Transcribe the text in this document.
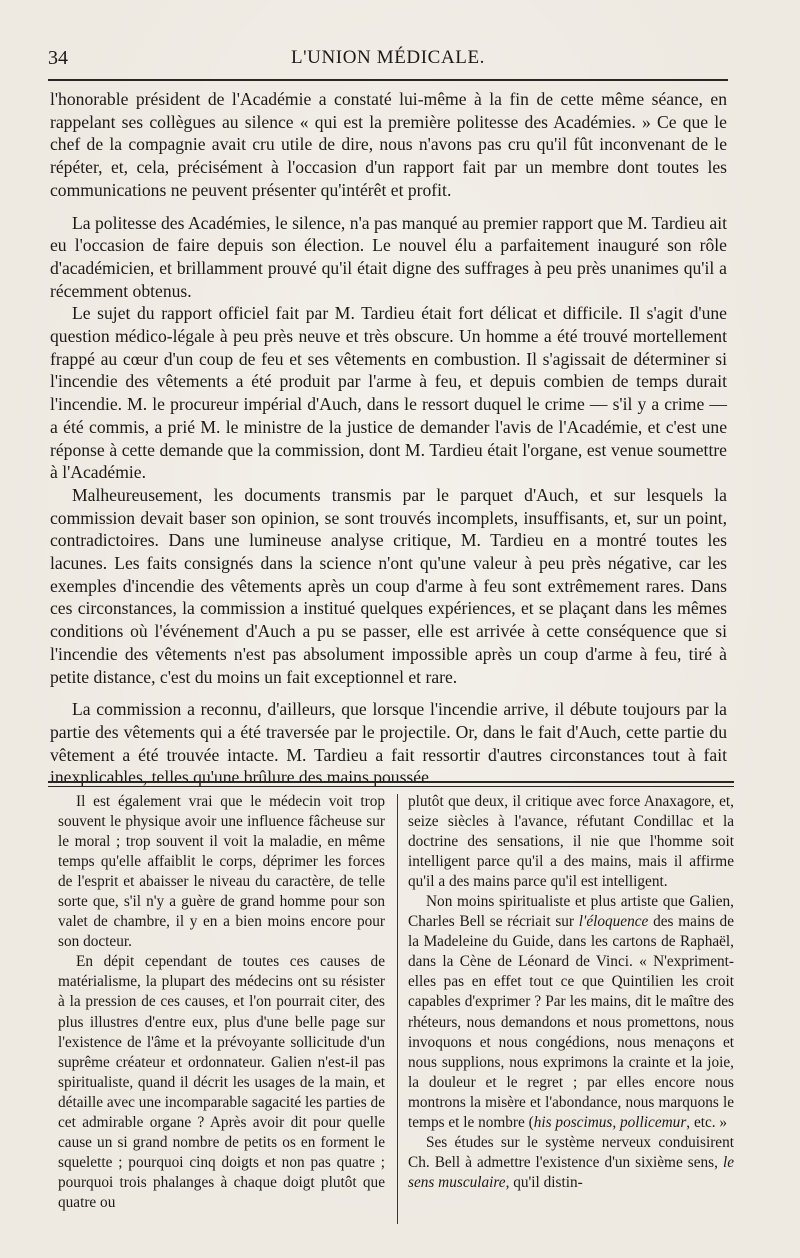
34	L'UNION MÉDICALE.

l'honorable président de l'Académie a constaté lui-même à la fin de cette même séance, en rappelant ses collègues au silence « qui est la première politesse des Académies. » Ce que le chef de la compagnie avait cru utile de dire, nous n'avons pas cru qu'il fût inconvenant de le répéter, et, cela, précisément à l'occasion d'un rapport fait par un membre dont toutes les communications ne peuvent présenter qu'intérêt et profit.

La politesse des Académies, le silence, n'a pas manqué au premier rapport que M. Tardieu ait eu l'occasion de faire depuis son élection. Le nouvel élu a parfaitement inauguré son rôle d'académicien, et brillamment prouvé qu'il était digne des suffrages à peu près unanimes qu'il a récemment obtenus.

Le sujet du rapport officiel fait par M. Tardieu était fort délicat et difficile. Il s'agit d'une question médico-légale à peu près neuve et très obscure. Un homme a été trouvé mortellement frappé au cœur d'un coup de feu et ses vêtements en combustion. Il s'agissait de déterminer si l'incendie des vêtements a été produit par l'arme à feu, et depuis combien de temps durait l'incendie. M. le procureur impérial d'Auch, dans le ressort duquel le crime — s'il y a crime — a été commis, a prié M. le ministre de la justice de demander l'avis de l'Académie, et c'est une réponse à cette demande que la commission, dont M. Tardieu était l'organe, est venue soumettre à l'Académie.

Malheureusement, les documents transmis par le parquet d'Auch, et sur lesquels la commission devait baser son opinion, se sont trouvés incomplets, insuffisants, et, sur un point, contradictoires. Dans une lumineuse analyse critique, M. Tardieu en a montré toutes les lacunes. Les faits consignés dans la science n'ont qu'une valeur à peu près négative, car les exemples d'incendie des vêtements après un coup d'arme à feu sont extrêmement rares. Dans ces circonstances, la commission a institué quelques expériences, et se plaçant dans les mêmes conditions où l'événement d'Auch a pu se passer, elle est arrivée à cette conséquence que si l'incendie des vêtements n'est pas absolument impossible après un coup d'arme à feu, tiré à petite distance, c'est du moins un fait exceptionnel et rare.

La commission a reconnu, d'ailleurs, que lorsque l'incendie arrive, il débute toujours par la partie des vêtements qui a été traversée par le projectile. Or, dans le fait d'Auch, cette partie du vêtement a été trouvée intacte. M. Tardieu a fait ressortir d'autres circonstances tout à fait inexplicables, telles qu'une brûlure des mains poussée

Il est également vrai que le médecin voit trop souvent le physique avoir une influence fâcheuse sur le moral ; trop souvent il voit la maladie, en même temps qu'elle affaiblit le corps, déprimer les forces de l'esprit et abaisser le niveau du caractère, de telle sorte que, s'il n'y a guère de grand homme pour son valet de chambre, il y en a bien moins encore pour son docteur.

En dépit cependant de toutes ces causes de matérialisme, la plupart des médecins ont su résister à la pression de ces causes, et l'on pourrait citer, des plus illustres d'entre eux, plus d'une belle page sur l'existence de l'âme et la prévoyante sollicitude d'un suprême créateur et ordonnateur. Galien n'est-il pas spiritualiste, quand il décrit les usages de la main, et détaille avec une incomparable sagacité les parties de cet admirable organe ? Après avoir dit pour quelle cause un si grand nombre de petits os en forment le squelette ; pourquoi cinq doigts et non pas quatre ; pourquoi trois phalanges à chaque doigt plutôt que quatre ou

plutôt que deux, il critique avec force Anaxagore, et, seize siècles à l'avance, réfutant Condillac et la doctrine des sensations, il nie que l'homme soit intelligent parce qu'il a des mains, mais il affirme qu'il a des mains parce qu'il est intelligent.

Non moins spiritualiste et plus artiste que Galien, Charles Bell se récriait sur l'éloquence des mains de la Madeleine du Guide, dans les cartons de Raphaël, dans la Cène de Léonard de Vinci. « N'expriment-elles pas en effet tout ce que Quintilien les croit capables d'exprimer ? Par les mains, dit le maître des rhéteurs, nous demandons et nous promettons, nous invoquons et nous congédions, nous menaçons et nous supplions, nous exprimons la crainte et la joie, la douleur et le regret ; par elles encore nous montrons la misère et l'abondance, nous marquons le temps et le nombre (his poscimus, pollicemur, etc. »

Ses études sur le système nerveux conduisirent Ch. Bell à admettre l'existence d'un sixième sens, le sens musculaire, qu'il distin-
